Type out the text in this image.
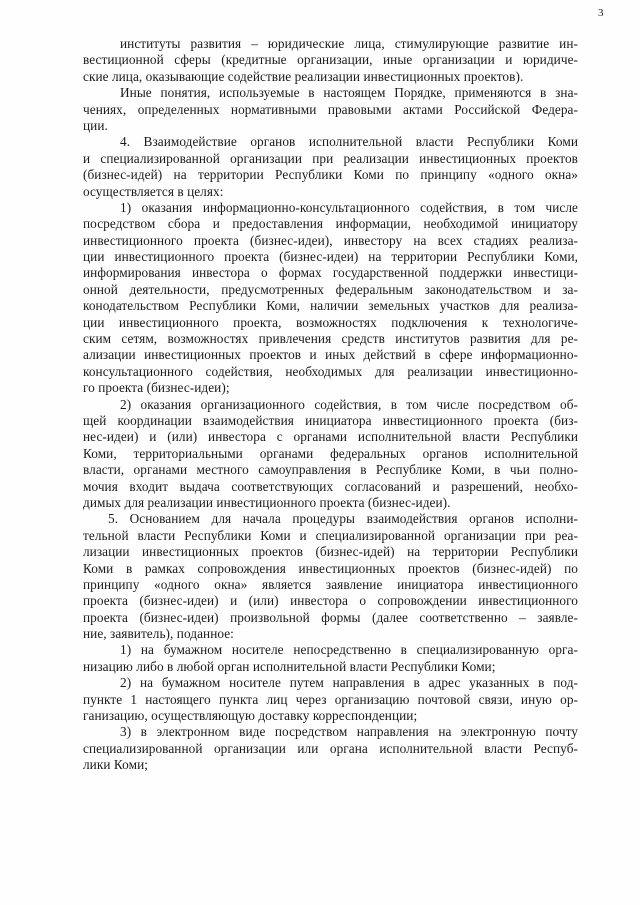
3
институты развития – юридические лица, стимулирующие развитие ин-
вестиционной сферы (кредитные организации, иные организации и юридиче-
ские лица, оказывающие содействие реализации инвестиционных проектов).
Иные понятия, используемые в настоящем Порядке, применяются в зна-
чениях, определенных нормативными правовыми актами Российской Федера-
ции.
4. Взаимодействие органов исполнительной власти Республики Коми
и специализированной организации при реализации инвестиционных проектов
(бизнес-идей) на территории Республики Коми по принципу «одного окна»
осуществляется в целях:
1) оказания информационно-консультационного содействия, в том числе
посредством сбора и предоставления информации, необходимой инициатору
инвестиционного проекта (бизнес-идеи), инвестору на всех стадиях реализа-
ции инвестиционного проекта (бизнес-идеи) на территории Республики Коми,
информирования инвестора о формах государственной поддержки инвестици-
онной деятельности, предусмотренных федеральным законодательством и за-
конодательством Республики Коми, наличии земельных участков для реализа-
ции инвестиционного проекта, возможностях подключения к технологиче-
ским сетям, возможностях привлечения средств институтов развития для ре-
ализации инвестиционных проектов и иных действий в сфере информационно-
консультационного содействия, необходимых для реализации инвестиционно-
го проекта (бизнес-идеи);
2) оказания организационного содействия, в том числе посредством об-
щей координации взаимодействия инициатора инвестиционного проекта (биз-
нес-идеи) и (или) инвестора с органами исполнительной власти Республики
Коми, территориальными органами федеральных органов исполнительной
власти, органами местного самоуправления в Республике Коми, в чьи полно-
мочия входит выдача соответствующих согласований и разрешений, необхо-
димых для реализации инвестиционного проекта (бизнес-идеи).
5. Основанием для начала процедуры взаимодействия органов исполни-
тельной власти Республики Коми и специализированной организации при реа-
лизации инвестиционных проектов (бизнес-идей) на территории Республики
Коми в рамках сопровождения инвестиционных проектов (бизнес-идей) по
принципу «одного окна» является заявление инициатора инвестиционного
проекта (бизнес-идеи) и (или) инвестора о сопровождении инвестиционного
проекта (бизнес-идеи) произвольной формы (далее соответственно – заявле-
ние, заявитель), поданное:
1) на бумажном носителе непосредственно в специализированную орга-
низацию либо в любой орган исполнительной власти Республики Коми;
2) на бумажном носителе путем направления в адрес указанных в под-
пункте 1 настоящего пункта лиц через организацию почтовой связи, иную ор-
ганизацию, осуществляющую доставку корреспонденции;
3) в электронном виде посредством направления на электронную почту
специализированной организации или органа исполнительной власти Респуб-
лики Коми;
